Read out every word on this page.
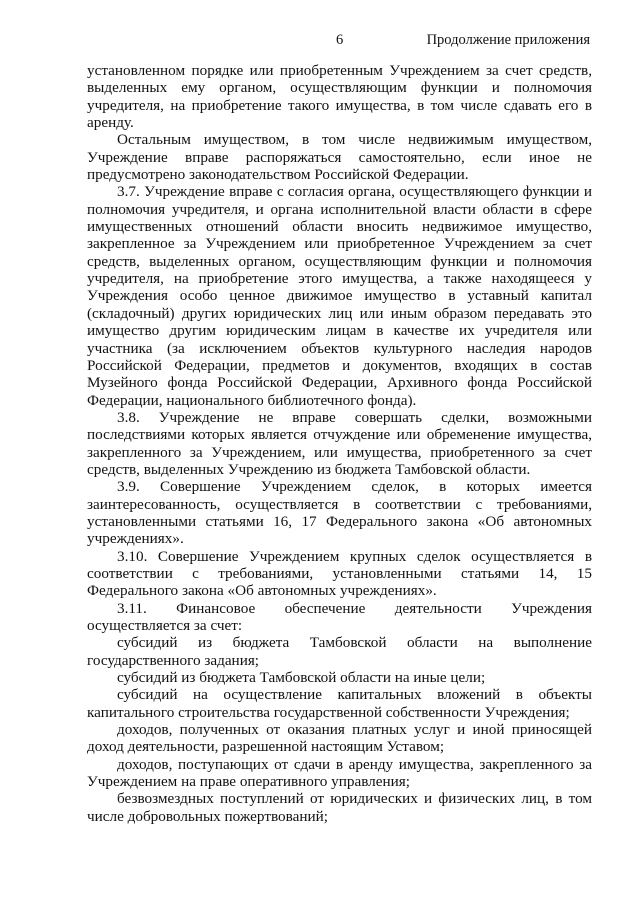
6	Продолжение приложения

установленном порядке или приобретенным Учреждением за счет средств, выделенных ему органом, осуществляющим функции и полномочия учредителя, на приобретение такого имущества, в том числе сдавать его в аренду.

Остальным имуществом, в том числе недвижимым имуществом, Учреждение вправе распоряжаться самостоятельно, если иное не предусмотрено законодательством Российской Федерации.

3.7. Учреждение вправе с согласия органа, осуществляющего функции и полномочия учредителя, и органа исполнительной власти области в сфере имущественных отношений области вносить недвижимое имущество, закрепленное за Учреждением или приобретенное Учреждением за счет средств, выделенных органом, осуществляющим функции и полномочия учредителя, на приобретение этого имущества, а также находящееся у Учреждения особо ценное движимое имущество в уставный капитал (складочный) других юридических лиц или иным образом передавать это имущество другим юридическим лицам в качестве их учредителя или участника (за исключением объектов культурного наследия народов Российской Федерации, предметов и документов, входящих в состав Музейного фонда Российской Федерации, Архивного фонда Российской Федерации, национального библиотечного фонда).

3.8. Учреждение не вправе совершать сделки, возможными последствиями которых является отчуждение или обременение имущества, закрепленного за Учреждением, или имущества, приобретенного за счет средств, выделенных Учреждению из бюджета Тамбовской области.

3.9. Совершение Учреждением сделок, в которых имеется заинтересованность, осуществляется в соответствии с требованиями, установленными статьями 16, 17 Федерального закона «Об автономных учреждениях».

3.10. Совершение Учреждением крупных сделок осуществляется в соответствии с требованиями, установленными статьями 14, 15 Федерального закона «Об автономных учреждениях».

3.11. Финансовое обеспечение деятельности Учреждения осуществляется за счет:

субсидий из бюджета Тамбовской области на выполнение государственного задания;

субсидий из бюджета Тамбовской области на иные цели;

субсидий на осуществление капитальных вложений в объекты капитального строительства государственной собственности Учреждения;

доходов, полученных от оказания платных услуг и иной приносящей доход деятельности, разрешенной настоящим Уставом;

доходов, поступающих от сдачи в аренду имущества, закрепленного за Учреждением на праве оперативного управления;

безвозмездных поступлений от юридических и физических лиц, в том числе добровольных пожертвований;
